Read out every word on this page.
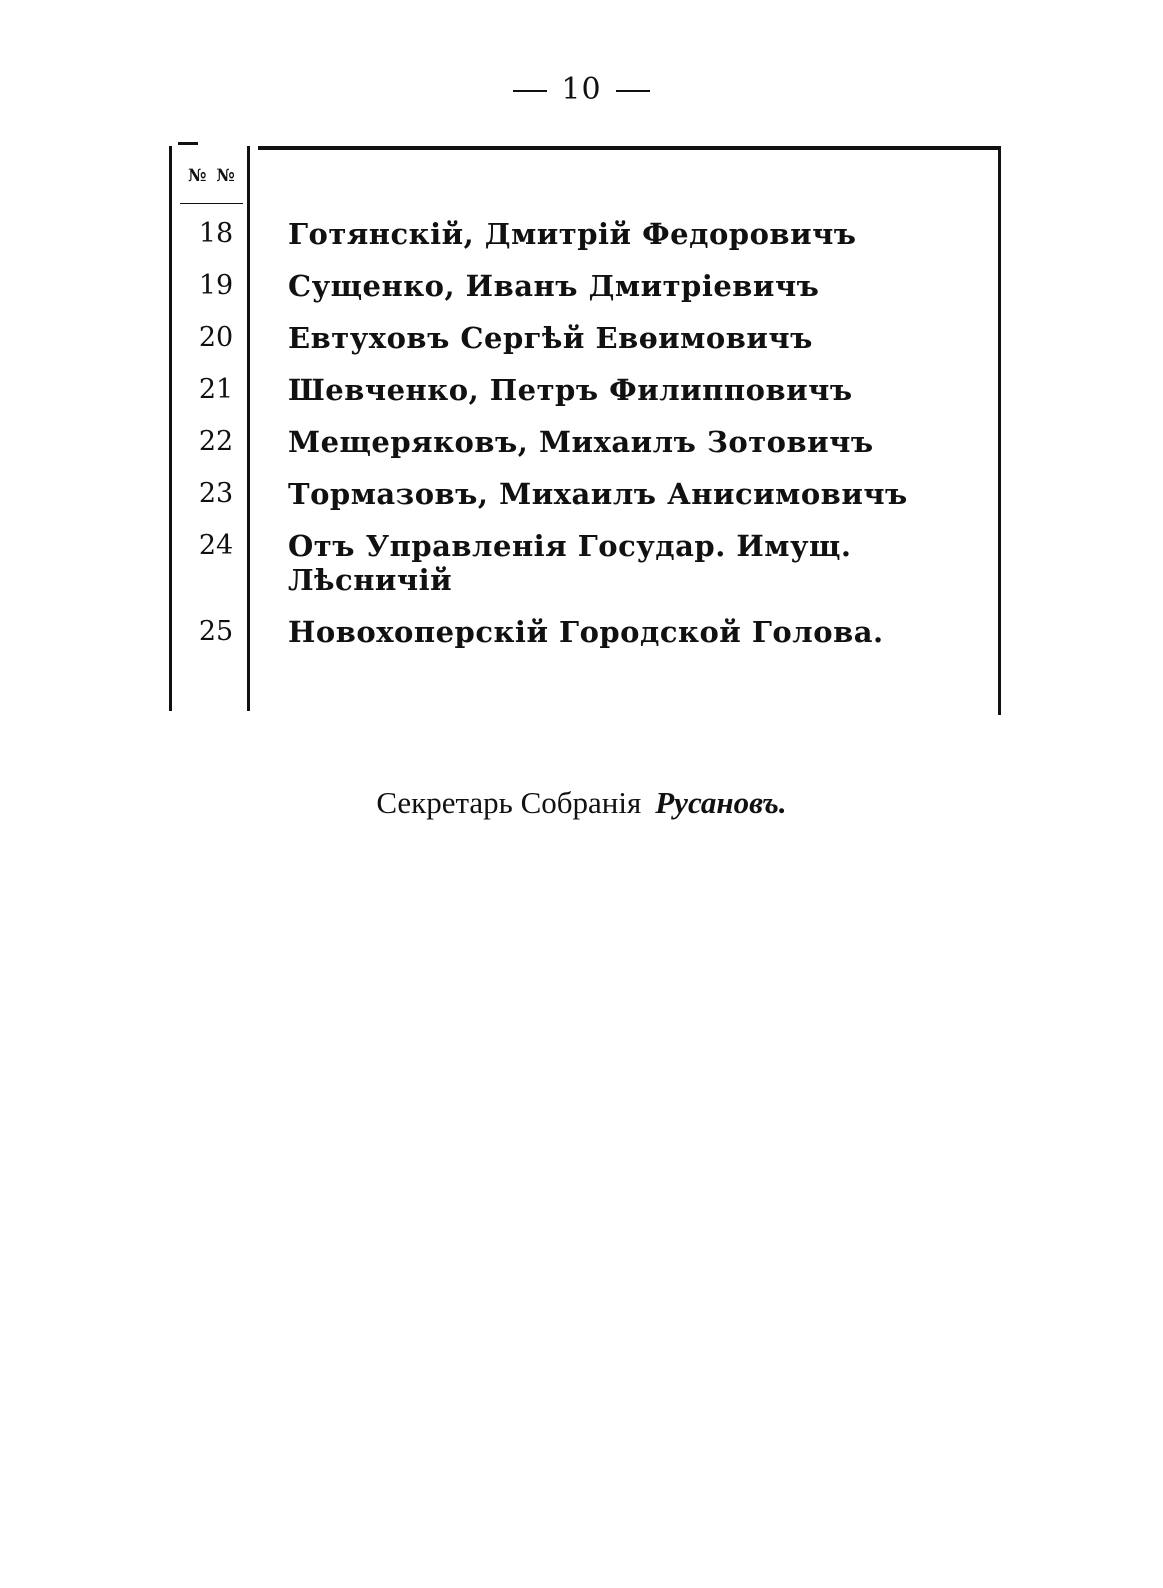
10
№ №
18	Готянскій, Дмитрій Федоровичъ
19	Сущенко, Иванъ Дмитріевичъ
20	Евтуховъ Сергѣй Евѳимовичъ
21	Шевченко, Петръ Филипповичъ
22	Мещеряковъ, Михаилъ Зотовичъ
23	Тормазовъ, Михаилъ Анисимовичъ
24	Отъ Управленія Государ. Имущ.
Лѣсничій
25	Новохоперскій Городской Голова.
Секретарь Собранія Русановъ.
